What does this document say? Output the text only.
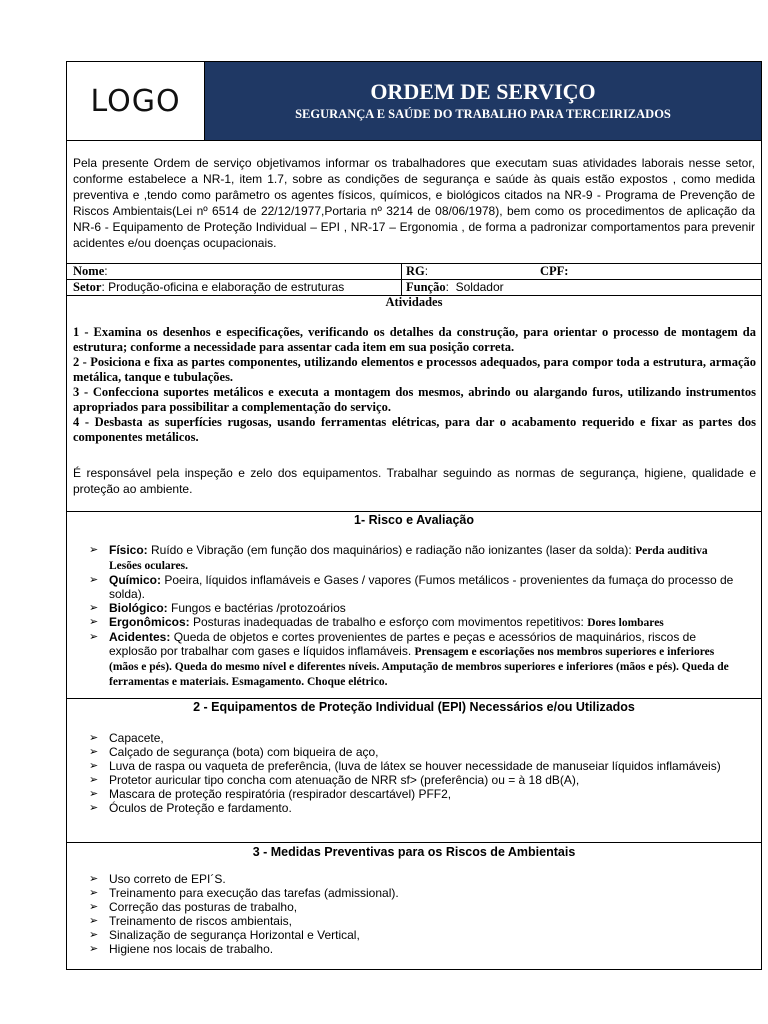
LOGO	ORDEM DE SERVIÇO
SEGURANÇA E SAÚDE DO TRABALHO PARA TERCEIRIZADOS
Pela presente Ordem de serviço objetivamos informar os trabalhadores que executam suas atividades laborais nesse setor, conforme estabelece a NR-1, item 1.7, sobre as condições de segurança e saúde às quais estão expostos , como medida preventiva e ,tendo como parâmetro os agentes físicos, químicos, e biológicos citados na NR-9 - Programa de Prevenção de Riscos Ambientais(Lei nº 6514 de 22/12/1977,Portaria nº 3214 de 08/06/1978), bem como os procedimentos de aplicação da NR-6 - Equipamento de Proteção Individual – EPI , NR-17 – Ergonomia , de forma a padronizar comportamentos para prevenir acidentes e/ou doenças ocupacionais.
Nome:	RG:	CPF:
Setor: Produção-oficina e elaboração de estruturas	Função:  Soldador
Atividades

1 - Examina os desenhos e especificações, verificando os detalhes da construção, para orientar o processo de montagem da estrutura; conforme a necessidade para assentar cada item em sua posição correta.

2 - Posiciona e fixa as partes componentes, utilizando elementos e processos adequados, para compor toda a estrutura, armação metálica, tanque e tubulações.

3 - Confecciona suportes metálicos e executa a montagem dos mesmos, abrindo ou alargando furos, utilizando instrumentos apropriados para possibilitar a complementação do serviço.

4 - Desbasta as superfícies rugosas, usando ferramentas elétricas, para dar o acabamento requerido e fixar as partes dos componentes metálicos.

É responsável pela inspeção e zelo dos equipamentos. Trabalhar seguindo as normas de segurança, higiene, qualidade e proteção ao ambiente.
1- Risco e Avaliação
➢ Físico: Ruído e Vibração (em função dos maquinários) e radiação não ionizantes (laser da solda): Perda auditiva Lesões oculares.
➢ Químico: Poeira, líquidos inflamáveis e Gases / vapores (Fumos metálicos - provenientes da fumaça do processo de solda).
➢ Biológico: Fungos e bactérias /protozoários
➢ Ergonômicos: Posturas inadequadas de trabalho e esforço com movimentos repetitivos: Dores lombares
➢ Acidentes: Queda de objetos e cortes provenientes de partes e peças e acessórios de maquinários, riscos de explosão por trabalhar com gases e líquidos inflamáveis. Prensagem e escoriações nos membros superiores e inferiores (mãos e pés). Queda do mesmo nível e diferentes níveis. Amputação de membros superiores e inferiores (mãos e pés). Queda de ferramentas e materiais. Esmagamento. Choque elétrico.
2 - Equipamentos de Proteção Individual (EPI) Necessários e/ou Utilizados
➢ Capacete,
➢ Calçado de segurança (bota) com biqueira de aço,
➢ Luva de raspa ou vaqueta de preferência, (luva de látex se houver necessidade de manuseiar líquidos inflamáveis)
➢ Protetor auricular tipo concha com atenuação de NRR sf> (preferência) ou = à 18 dB(A),
➢ Mascara de proteção respiratória (respirador descartável) PFF2,
➢ Óculos de Proteção e fardamento.
3 - Medidas Preventivas para os Riscos de Ambientais
➢ Uso correto de EPI´S.
➢ Treinamento para execução das tarefas (admissional).
➢ Correção das posturas de trabalho,
➢ Treinamento de riscos ambientais,
➢ Sinalização de segurança Horizontal e Vertical,
➢ Higiene nos locais de trabalho.
